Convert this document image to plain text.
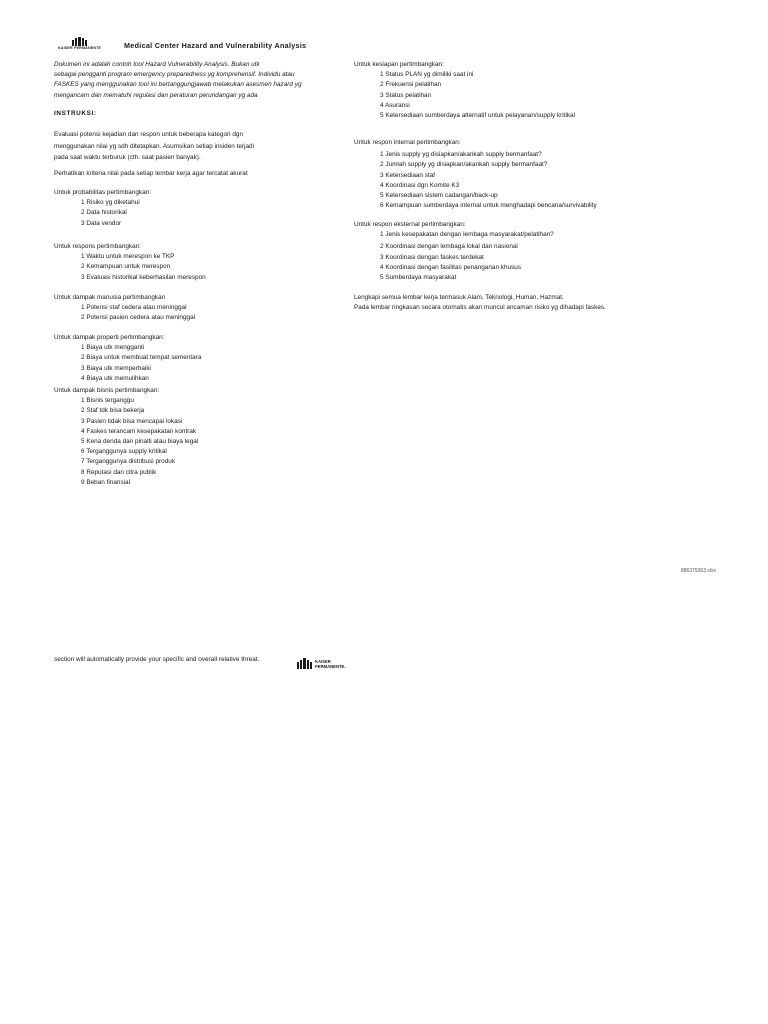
KAISER PERMANENTE	Medical Center Hazard and Vulnerability Analysis
Dokumen ini adalah contoh tool Hazard Vulnerability Analysis. Bukan utk
sebagai pengganti program emergency preparedness yg komprehensif. Individu atau
FASKES yang menggunakan tool ini bertanggungjawab melakukan asesmen hazard yg
mengancam dan mematuhi regulasi dan peraturan perundangan yg ada
INSTRUKSI:
Evaluasi potensi kejadian dan respon untuk beberapa kategori dgn
menggunakan nilai yg sdh ditetapkan. Asumsikan setiap insiden terjadi
pada saat waktu terburuk (cth. saat pasien banyak).
Perhatikan kriteria nilai pada setiap lembar kerja agar tercatat akurat
Untuk probabilitas pertimbangkan:
1 Risiko yg diketahui
2 Data historikal
3 Data vendor
Untuk respons pertimbangkan:
1 Waktu untuk merespon ke TKP
2 Kemampuan untuk merespon
3 Evaluasi historikal keberhasilan merespon
Untuk dampak manusia pertimbangkan
1 Potensi staf cedera atau meninggal
2 Potensi pasien cedera atau meninggal
Untuk dampak properti pertimbangkan:
1 Biaya utk mengganti
2 Biaya untuk membuat tempat sementara
3 Biaya utk memperbaiki
4 Biaya utk memulihkan
Untuk dampak bisnis pertimbangkan:
1 Bisnis terganggu
2 Staf tdk bisa bekerja
3 Pasien tidak bisa mencapai lokasi
4 Faskes terancam kesepakatan kontrak
5 Kena denda dan pinalti atau biaya legal
6 Terganggunya supply kritikal
7 Terganggunya distribusi produk
8 Reputasi dan citra publik
9 Beban finansial
Untuk kesiapan pertimbangkan:
1 Status PLAN yg dimiliki saat ini
2 Frekuensi pelatihan
3 Status pelatihan
4 Asuransi
5 Ketersediaan sumberdaya alternatif untuk pelayanan/supply kritikal
Untuk respon internal pertimbangkan:
1 Jenis supply yg disiapkan/akankah supply bermanfaat?
2 Jumlah supply yg disiapkan/akankah supply bermanfaat?
3 Ketersediaan staf
4 Koordinasi dgn Komite K3
5 Ketersediaan sistem cadangan/back-up
6 Kemampuan sumberdaya internal untuk menghadapi bencana/survivability
Untuk respon eksternal pertimbangkan:
1 Jenis kesepakatan dengan lembaga masyarakat/pelatihan?
2 Koordinasi dengan lembaga lokal dan nasional
3 Koordinasi dengan faskes terdekat
4 Koordinasi dengan fasilitas penanganan khusus
5 Sumberdaya masyarakat
Lengkapi semua lembar kerja termasuk Alam, Teknologi, Human, Hazmat.
Pada lembar ringkasan secara otomatis akan muncul ancaman risiko yg dihadapi faskes.
886379363.xlsx
section will automatically provide your specific and overall relative threat.	KAISER
PERMANENTE.
